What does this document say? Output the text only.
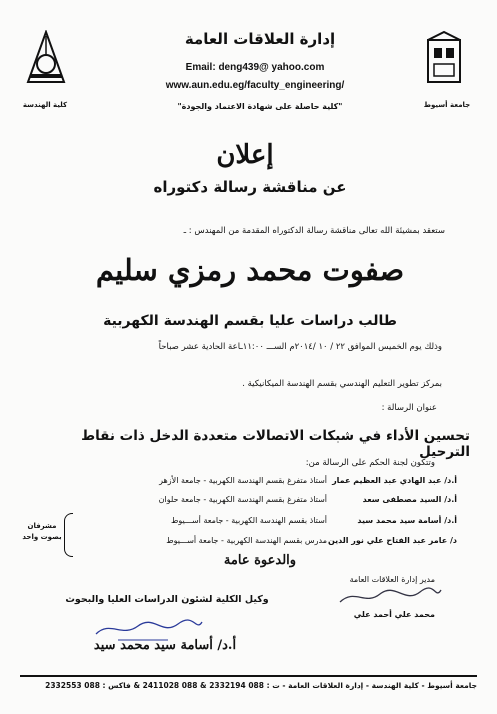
كلية الهندسة	جامعة أسيوط
إدارة العلاقات العامة
Email: deng439@ yahoo.com
www.aun.edu.eg/faculty_engineering/
"كلية حاصلة على شهادة الاعتماد والجودة"
إعلان
عن مناقشة رسالة دكتوراه
ستعقد بمشيئة الله تعالى مناقشة رسالة الدكتوراه المقدمة من المهندس : ـ
صفوت محمد رمزي سليم
طالب دراسات عليا بقسم الهندسة الكهربية
وذلك يوم الخميس الموافق ٢٢ / ١٠ /٢٠١٤م الســـ ١١:٠٠ـاعة الحادية عشر صباحاً
بمركز تطوير التعليم الهندسي بقسم الهندسة الميكانيكية .
عنوان الرسالة :
تحسين الأداء في شبكات الاتصالات متعددة الدخل ذات نقاط الترحيل
وتتكون لجنة الحكم على الرسالة من:
أ.د/ عبد الهادي عبد العظيم عمار
أستاذ متفرغ بقسم الهندسة الكهربية - جامعة الأزهر
أ.د/ السيد مصطفى سعد
أستاذ متفرغ بقسم الهندسة الكهربية - جامعة حلوان
أ.د/ أسامة سيد محمد سيد
أستاذ بقسم الهندسة الكهربية - جامعة أســـيوط
د/ عامر عبد الفتاح علي نور الدين
مدرس بقسم الهندسة الكهربية - جامعة أســـيوط
مشرفان بصوت واحد
والدعوة عامة
مدير إدارة العلاقات العامة
محمد علي أحمد علي
وكيل الكلية لشئون الدراسات العليا والبحوث
أ.د/ أسامة سيد محمد سيد
جامعة أسيوط - كلية الهندسة - إدارة العلاقات العامة - ت : 088 2332194 & 088 2411028 & فاكس : 088 2332553
